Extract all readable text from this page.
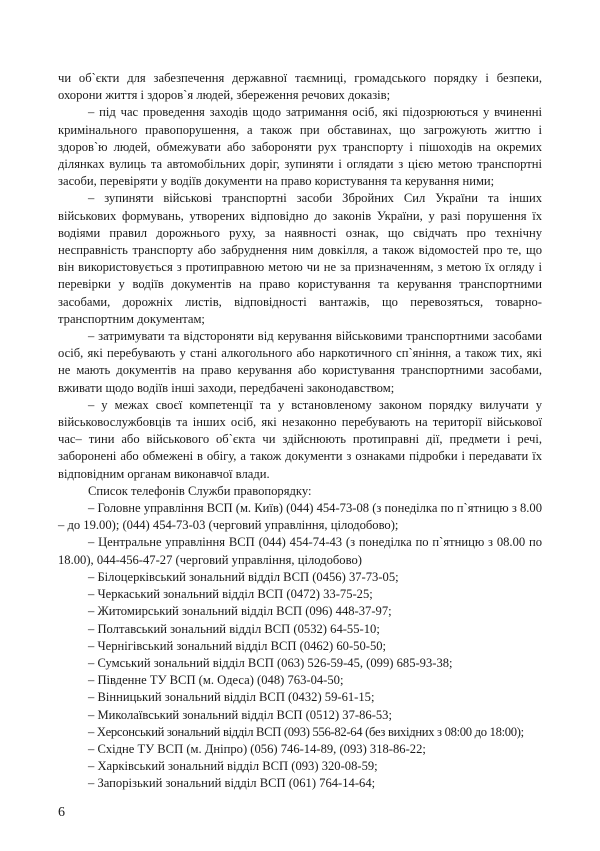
чи об`єкти для забезпечення державної таємниці, громадського порядку і безпеки, охорони життя і здоров`я людей, збереження речових доказів;

– під час проведення заходів щодо затримання осіб, які підозрюються у вчиненні кримінального правопорушення, а також при обставинах, що загрожують життю і здоров`ю людей, обмежувати або забороняти рух транспорту і пішоходів на окремих ділянках вулиць та автомобільних доріг, зупиняти і оглядати з цією метою транспортні засоби, перевіряти у водіїв документи на право користування та керування ними;

– зупиняти військові транспортні засоби Збройних Сил України та інших військових формувань, утворених відповідно до законів України, у разі порушення їх водіями правил дорожнього руху, за наявності ознак, що свідчать про технічну несправність транспорту або забруднення ним довкілля, а також відомостей про те, що він використовується з протиправною метою чи не за призначенням, з метою їх огляду і перевірки у водіїв документів на право користування та керування транспортними засобами, дорожніх листів, відповідності вантажів, що перевозяться, товарно-транспортним документам;

– затримувати та відстороняти від керування військовими транспортними засобами осіб, які перебувають у стані алкогольного або наркотичного сп`яніння, а також тих, які не мають документів на право керування або користування транспортними засобами, вживати щодо водіїв інші заходи, передбачені законодавством;

– у межах своєї компетенції та у встановленому законом порядку вилучати у військовослужбовців та інших осіб, які незаконно перебувають на території військової час– тини або військового об`єкта чи здійснюють протиправні дії, предмети і речі, заборонені або обмежені в обігу, а також документи з ознаками підробки і передавати їх відповідним органам виконавчої влади.

Список телефонів Служби правопорядку:

– Головне управління ВСП (м. Київ) (044) 454-73-08 (з понеділка по п`ятницю з 8.00 – до 19.00); (044) 454-73-03 (черговий управління, цілодобово);

– Центральне управління ВСП (044) 454-74-43 (з понеділка по п`ятницю з 08.00 по 18.00), 044-456-47-27 (черговий управління, цілодобово)

– Білоцерківський зональний відділ ВСП (0456) 37-73-05;

– Черкаський зональний відділ ВСП (0472) 33-75-25;

– Житомирський зональний відділ ВСП (096) 448-37-97;

– Полтавський зональний відділ ВСП (0532) 64-55-10;

– Чернігівський зональний відділ ВСП (0462) 60-50-50;

– Сумський зональний відділ ВСП (063) 526-59-45, (099) 685-93-38;

– Південне ТУ ВСП (м. Одеса) (048) 763-04-50;

– Вінницький зональний відділ ВСП (0432) 59-61-15;

– Миколаївський зональний відділ ВСП (0512) 37-86-53;

– Херсонський зональний відділ ВСП (093) 556-82-64 (без вихідних з 08:00 до 18:00);

– Східне ТУ ВСП (м. Дніпро) (056) 746-14-89, (093) 318-86-22;

– Харківський зональний відділ ВСП (093) 320-08-59;

– Запорізький зональний відділ ВСП (061) 764-14-64;

6
